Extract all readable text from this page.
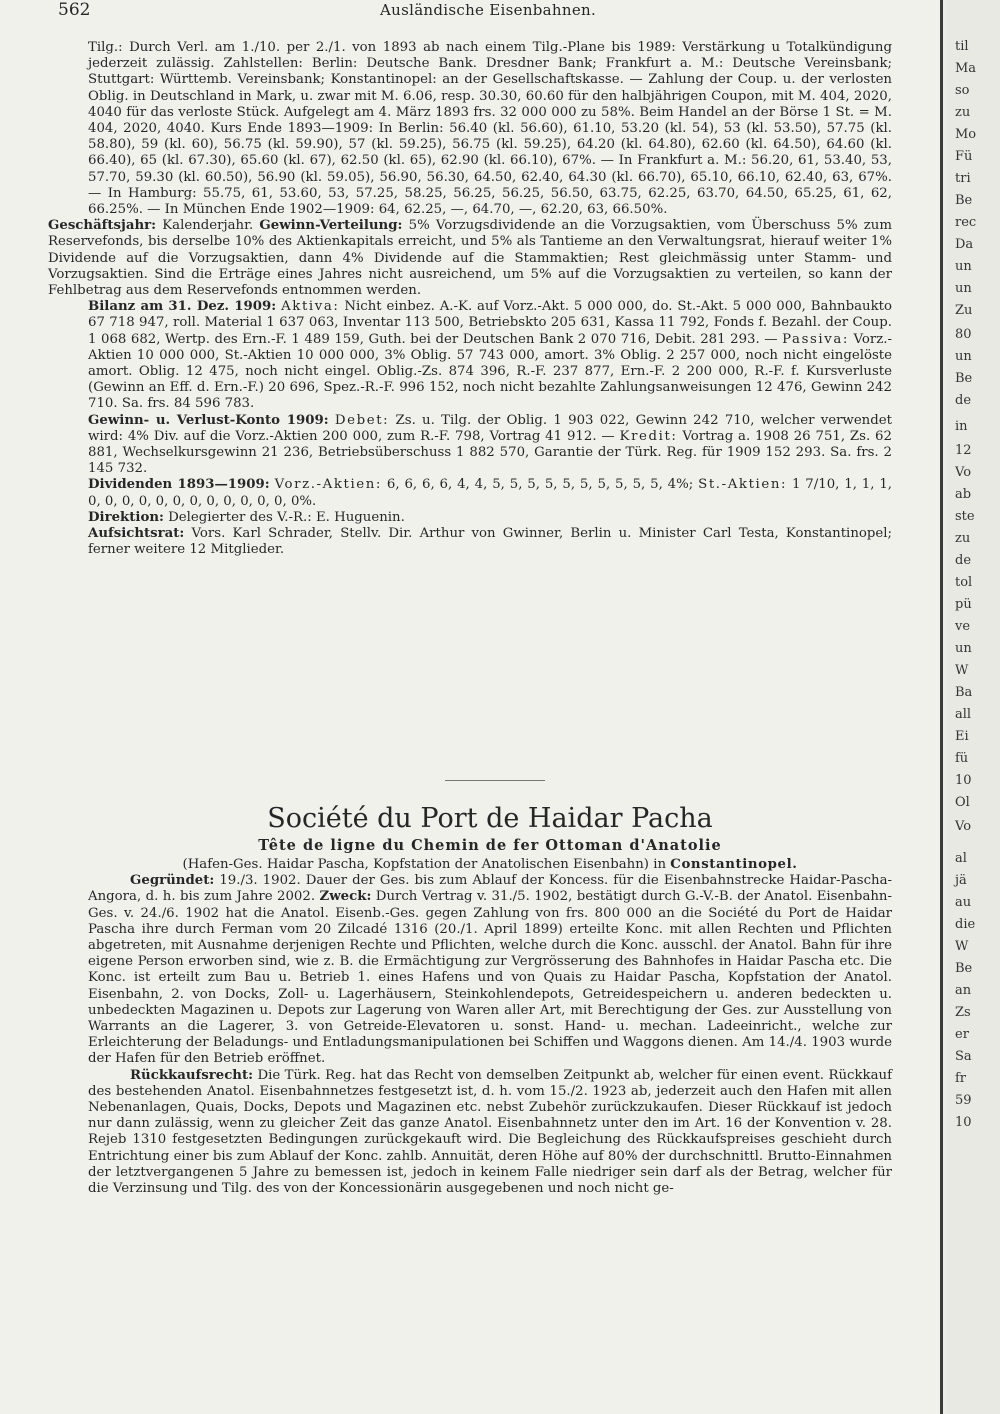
562	Ausländische Eisenbahnen.

Tilg.: Durch Verl. am 1./10. per 2./1. von 1893 ab nach einem Tilg.-Plane bis 1989: Verstärkung u Totalkündigung jederzeit zulässig. Zahlstellen: Berlin: Deutsche Bank. Dresdner Bank; Frankfurt a. M.: Deutsche Vereinsbank; Stuttgart: Württemb. Vereinsbank; Konstantinopel: an der Gesellschaftskasse. — Zahlung der Coup. u. der verlosten Oblig. in Deutschland in Mark, u. zwar mit M. 6.06, resp. 30.30, 60.60 für den halbjährigen Coupon, mit M. 404, 2020, 4040 für das verloste Stück. Aufgelegt am 4. März 1893 frs. 32 000 000 zu 58%. Beim Handel an der Börse 1 St. = M. 404, 2020, 4040. Kurs Ende 1893—1909: In Berlin: 56.40 (kl. 56.60), 61.10, 53.20 (kl. 54), 53 (kl. 53.50), 57.75 (kl. 58.80), 59 (kl. 60), 56.75 (kl. 59.90), 57 (kl. 59.25), 56.75 (kl. 59.25), 64.20 (kl. 64.80), 62.60 (kl. 64.50), 64.60 (kl. 66.40), 65 (kl. 67.30), 65.60 (kl. 67), 62.50 (kl. 65), 62.90 (kl. 66.10), 67%. — In Frankfurt a. M.: 56.20, 61, 53.40, 53, 57.70, 59.30 (kl. 60.50), 56.90 (kl. 59.05), 56.90, 56.30, 64.50, 62.40, 64.30 (kl. 66.70), 65.10, 66.10, 62.40, 63, 67%. — In Hamburg: 55.75, 61, 53.60, 53, 57.25, 58.25, 56.25, 56.25, 56.50, 63.75, 62.25, 63.70, 64.50, 65.25, 61, 62, 66.25%. — In München Ende 1902—1909: 64, 62.25, —, 64.70, —, 62.20, 63, 66.50%.

Geschäftsjahr: Kalenderjahr. Gewinn-Verteilung: 5% Vorzugsdividende an die Vorzugsaktien, vom Überschuss 5% zum Reservefonds, bis derselbe 10% des Aktienkapitals erreicht, und 5% als Tantieme an den Verwaltungsrat, hierauf weiter 1% Dividende auf die Vorzugsaktien, dann 4% Dividende auf die Stammaktien; Rest gleichmässig unter Stamm- und Vorzugsaktien. Sind die Erträge eines Jahres nicht ausreichend, um 5% auf die Vorzugsaktien zu verteilen, so kann der Fehlbetrag aus dem Reservefonds entnommen werden.

Bilanz am 31. Dez. 1909: Aktiva: Nicht einbez. A.-K. auf Vorz.-Akt. 5 000 000, do. St.-Akt. 5 000 000, Bahnbaukto 67 718 947, roll. Material 1 637 063, Inventar 113 500, Betriebskto 205 631, Kassa 11 792, Fonds f. Bezahl. der Coup. 1 068 682, Wertp. des Ern.-F. 1 489 159, Guth. bei der Deutschen Bank 2 070 716, Debit. 281 293. — Passiva: Vorz.-Aktien 10 000 000, St.-Aktien 10 000 000, 3% Oblig. 57 743 000, amort. 3% Oblig. 2 257 000, noch nicht eingelöste amort. Oblig. 12 475, noch nicht eingel. Oblig.-Zs. 874 396, R.-F. 237 877, Ern.-F. 2 200 000, R.-F. f. Kursverluste (Gewinn an Eff. d. Ern.-F.) 20 696, Spez.-R.-F. 996 152, noch nicht bezahlte Zahlungsanweisungen 12 476, Gewinn 242 710. Sa. frs. 84 596 783.

Gewinn- u. Verlust-Konto 1909: Debet: Zs. u. Tilg. der Oblig. 1 903 022, Gewinn 242 710, welcher verwendet wird: 4% Div. auf die Vorz.-Aktien 200 000, zum R.-F. 798, Vortrag 41 912. — Kredit: Vortrag a. 1908 26 751, Zs. 62 881, Wechselkursgewinn 21 236, Betriebsüberschuss 1 882 570, Garantie der Türk. Reg. für 1909 152 293. Sa. frs. 2 145 732.

Dividenden 1893—1909: Vorz.-Aktien: 6, 6, 6, 6, 4, 4, 5, 5, 5, 5, 5, 5, 5, 5, 5, 5, 4%; St.-Aktien: 1 7/10, 1, 1, 1, 0, 0, 0, 0, 0, 0, 0, 0, 0, 0, 0, 0, 0%.

Direktion: Delegierter des V.-R.: E. Huguenin.

Aufsichtsrat: Vors. Karl Schrader, Stellv. Dir. Arthur von Gwinner, Berlin u. Minister Carl Testa, Konstantinopel; ferner weitere 12 Mitglieder.

Société du Port de Haidar Pacha
Tête de ligne du Chemin de fer Ottoman d'Anatolie

(Hafen-Ges. Haidar Pascha, Kopfstation der Anatolischen Eisenbahn) in Constantinopel.

Gegründet: 19./3. 1902. Dauer der Ges. bis zum Ablauf der Koncess. für die Eisenbahnstrecke Haidar-Pascha-Angora, d. h. bis zum Jahre 2002. Zweck: Durch Vertrag v. 31./5. 1902, bestätigt durch G.-V.-B. der Anatol. Eisenbahn-Ges. v. 24./6. 1902 hat die Anatol. Eisenb.-Ges. gegen Zahlung von frs. 800 000 an die Société du Port de Haidar Pascha ihre durch Ferman vom 20 Zilcadé 1316 (20./1. April 1899) erteilte Konc. mit allen Rechten und Pflichten abgetreten, mit Ausnahme derjenigen Rechte und Pflichten, welche durch die Konc. ausschl. der Anatol. Bahn für ihre eigene Person erworben sind, wie z. B. die Ermächtigung zur Vergrösserung des Bahnhofes in Haidar Pascha etc. Die Konc. ist erteilt zum Bau u. Betrieb 1. eines Hafens und von Quais zu Haidar Pascha, Kopfstation der Anatol. Eisenbahn, 2. von Docks, Zoll- u. Lagerhäusern, Steinkohlendepots, Getreidespeichern u. anderen bedeckten u. unbedeckten Magazinen u. Depots zur Lagerung von Waren aller Art, mit Berechtigung der Ges. zur Ausstellung von Warrants an die Lagerer, 3. von Getreide-Elevatoren u. sonst. Hand- u. mechan. Ladeeinricht., welche zur Erleichterung der Beladungs- und Entladungsmanipulationen bei Schiffen und Waggons dienen. Am 14./4. 1903 wurde der Hafen für den Betrieb eröffnet.

Rückkaufsrecht: Die Türk. Reg. hat das Recht von demselben Zeitpunkt ab, welcher für einen event. Rückkauf des bestehenden Anatol. Eisenbahnnetzes festgesetzt ist, d. h. vom 15./2. 1923 ab, jederzeit auch den Hafen mit allen Nebenanlagen, Quais, Docks, Depots und Magazinen etc. nebst Zubehör zurückzukaufen. Dieser Rückkauf ist jedoch nur dann zulässig, wenn zu gleicher Zeit das ganze Anatol. Eisenbahnnetz unter den im Art. 16 der Konvention v. 28. Rejeb 1310 festgesetzten Bedingungen zurückgekauft wird. Die Begleichung des Rückkaufspreises geschieht durch Entrichtung einer bis zum Ablauf der Konc. zahlb. Annuität, deren Höhe auf 80% der durchschnittl. Brutto-Einnahmen der letztvergangenen 5 Jahre zu bemessen ist, jedoch in keinem Falle niedriger sein darf als der Betrag, welcher für die Verzinsung und Tilg. des von der Koncessionärin ausgegebenen und noch nicht ge-

til
Ma
so
zu
Mo
Fü
tri
Be
rec
Da
un
un
Zu
80
un
Be
de
in
12
Vo
ab
ste
zu
de
tol
pü
ve
un
W
Ba
all
Ei
fü
10
Ol
Vo
al
jä
au
die
W
Be
an
Zs
er
Sa
fr
59
10
